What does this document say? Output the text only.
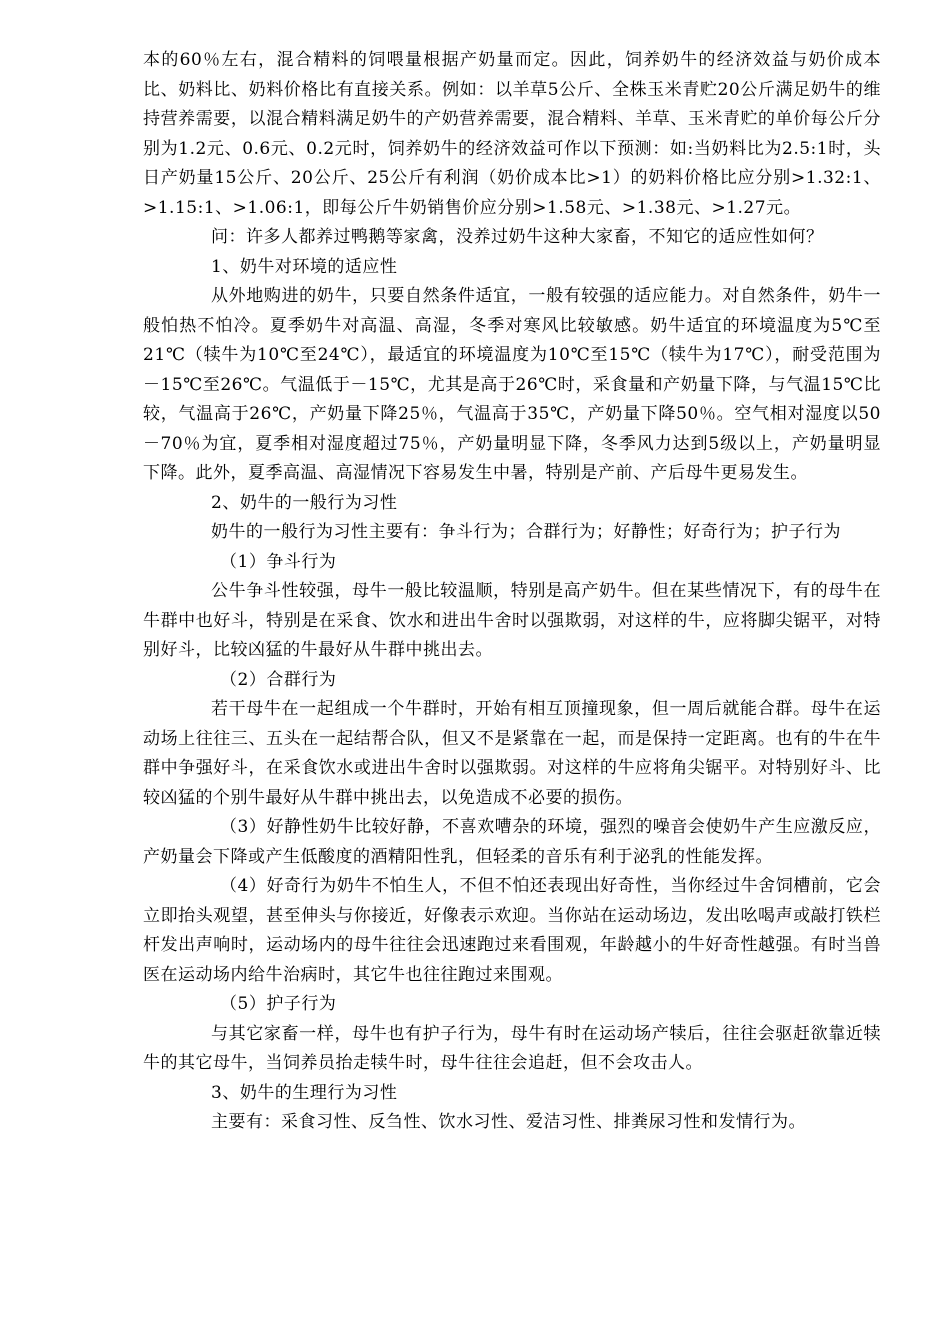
本的60％左右，混合精料的饲喂量根据产奶量而定。因此，饲养奶牛的经济效益与奶价成本比、奶料比、奶料价格比有直接关系。例如：以羊草5公斤、全株玉米青贮20公斤满足奶牛的维持营养需要，以混合精料满足奶牛的产奶营养需要，混合精料、羊草、玉米青贮的单价每公斤分别为1.2元、0.6元、0.2元时，饲养奶牛的经济效益可作以下预测：如:当奶料比为2.5:1时，头日产奶量15公斤、20公斤、25公斤有利润（奶价成本比>1）的奶料价格比应分别>1.32:1、>1.15:1、>1.06:1，即每公斤牛奶销售价应分别>1.58元、>1.38元、>1.27元。

问：许多人都养过鸭鹅等家禽，没养过奶牛这种大家畜，不知它的适应性如何？

1、奶牛对环境的适应性

从外地购进的奶牛，只要自然条件适宜，一般有较强的适应能力。对自然条件，奶牛一般怕热不怕冷。夏季奶牛对高温、高湿，冬季对寒风比较敏感。奶牛适宜的环境温度为5℃至21℃（犊牛为10℃至24℃），最适宜的环境温度为10℃至15℃（犊牛为17℃），耐受范围为－15℃至26℃。气温低于－15℃，尤其是高于26℃时，采食量和产奶量下降，与气温15℃比较，气温高于26℃，产奶量下降25％，气温高于35℃，产奶量下降50％。空气相对湿度以50－70％为宜，夏季相对湿度超过75％，产奶量明显下降，冬季风力达到5级以上，产奶量明显下降。此外，夏季高温、高湿情况下容易发生中暑，特别是产前、产后母牛更易发生。

2、奶牛的一般行为习性

奶牛的一般行为习性主要有：争斗行为；合群行为；好静性；好奇行为；护子行为

（1）争斗行为

公牛争斗性较强，母牛一般比较温顺，特别是高产奶牛。但在某些情况下，有的母牛在牛群中也好斗，特别是在采食、饮水和进出牛舍时以强欺弱，对这样的牛，应将脚尖锯平，对特别好斗，比较凶猛的牛最好从牛群中挑出去。

（2）合群行为

若干母牛在一起组成一个牛群时，开始有相互顶撞现象，但一周后就能合群。母牛在运动场上往往三、五头在一起结帮合队，但又不是紧靠在一起，而是保持一定距离。也有的牛在牛群中争强好斗，在采食饮水或进出牛舍时以强欺弱。对这样的牛应将角尖锯平。对特别好斗、比较凶猛的个别牛最好从牛群中挑出去，以免造成不必要的损伤。

（3）好静性奶牛比较好静，不喜欢嘈杂的环境，强烈的噪音会使奶牛产生应激反应，产奶量会下降或产生低酸度的酒精阳性乳，但轻柔的音乐有利于泌乳的性能发挥。

（4）好奇行为奶牛不怕生人，不但不怕还表现出好奇性，当你经过牛舍饲槽前，它会立即抬头观望，甚至伸头与你接近，好像表示欢迎。当你站在运动场边，发出吆喝声或敲打铁栏杆发出声响时，运动场内的母牛往往会迅速跑过来看围观，年龄越小的牛好奇性越强。有时当兽医在运动场内给牛治病时，其它牛也往往跑过来围观。

（5）护子行为

与其它家畜一样，母牛也有护子行为，母牛有时在运动场产犊后，往往会驱赶欲靠近犊牛的其它母牛，当饲养员抬走犊牛时，母牛往往会追赶，但不会攻击人。

3、奶牛的生理行为习性

主要有：采食习性、反刍性、饮水习性、爱洁习性、排粪尿习性和发情行为。
